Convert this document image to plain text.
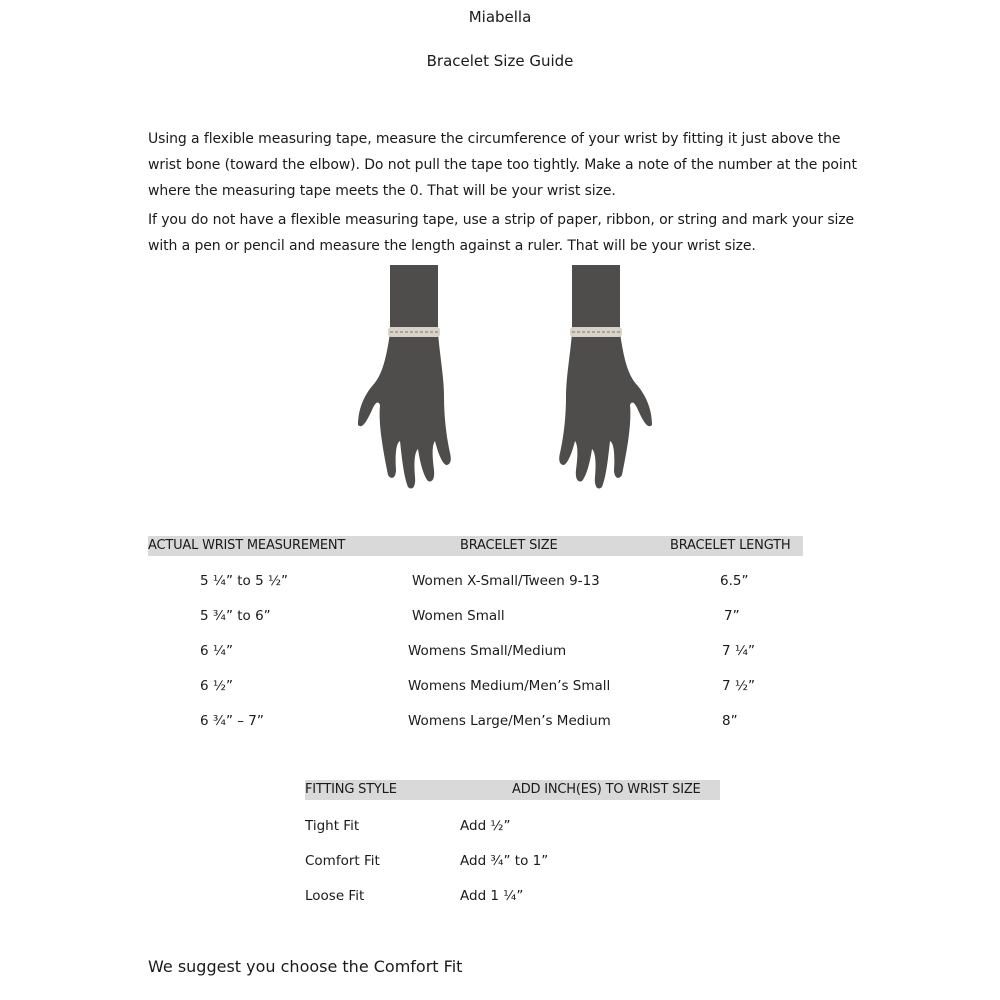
Miabella
Bracelet Size Guide
Using a flexible measuring tape, measure the circumference of your wrist by fitting it just above the wrist bone (toward the elbow). Do not pull the tape too tightly. Make a note of the number at the point where the measuring tape meets the 0. That will be your wrist size.
If you do not have a flexible measuring tape, use a strip of paper, ribbon, or string and mark your size with a pen or pencil and measure the length against a ruler. That will be your wrist size.
ACTUAL WRIST MEASUREMENT	BRACELET SIZE	BRACELET LENGTH
5 ¼” to 5 ½”	Women X-Small/Tween 9-13	6.5”
5 ¾” to 6”	Women Small	7”
6 ¼”	Womens Small/Medium	7 ¼”
6 ½”	Womens Medium/Men’s Small	7 ½”
6 ¾” – 7”	Womens Large/Men’s Medium	8”
FITTING STYLE	ADD INCH(ES) TO WRIST SIZE
Tight Fit	Add ½”
Comfort Fit	Add ¾” to 1”
Loose Fit	Add 1 ¼”
We suggest you choose the Comfort Fit
